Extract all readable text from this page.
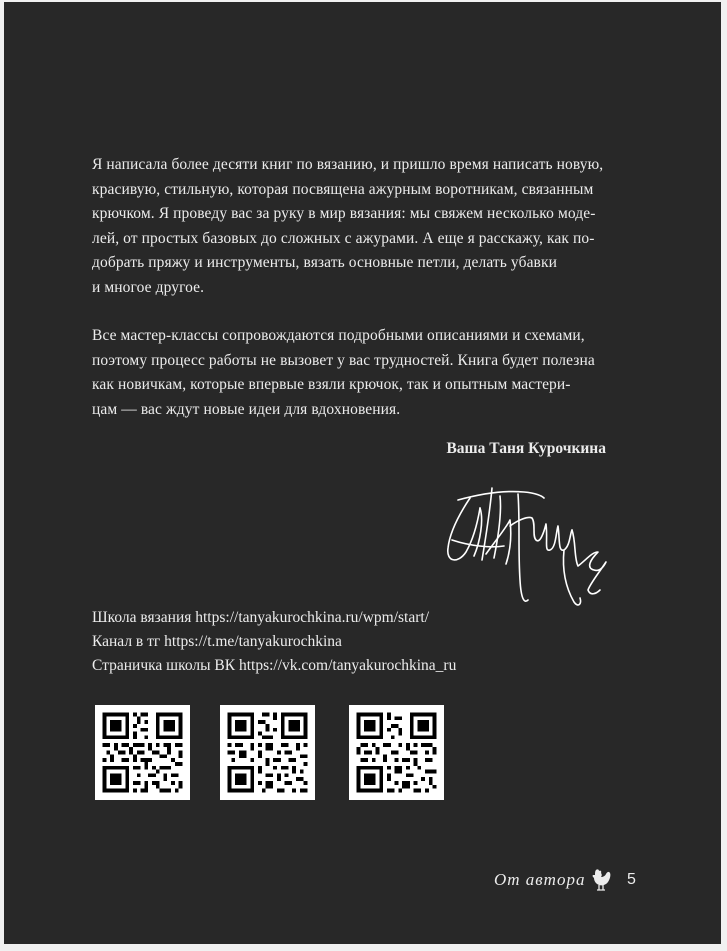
Я написала более десяти книг по вязанию, и пришло время написать новую,
красивую, стильную, которая посвящена ажурным воротникам, связанным
крючком. Я проведу вас за руку в мир вязания: мы свяжем несколько моде-
лей, от простых базовых до сложных с ажурами. А еще я расскажу, как по-
добрать пряжу и инструменты, вязать основные петли, делать убавки
и многое другое.
Все мастер-классы сопровождаются подробными описаниями и схемами,
поэтому процесс работы не вызовет у вас трудностей. Книга будет полезна
как новичкам, которые впервые взяли крючок, так и опытным мастери-
цам — вас ждут новые идеи для вдохновения.
Ваша Таня Курочкина
Школа вязания https://tanyakurochkina.ru/wpm/start/
Канал в тг https://t.me/tanyakurochkina
Страничка школы ВК https://vk.com/tanyakurochkina_ru
От автора	5
